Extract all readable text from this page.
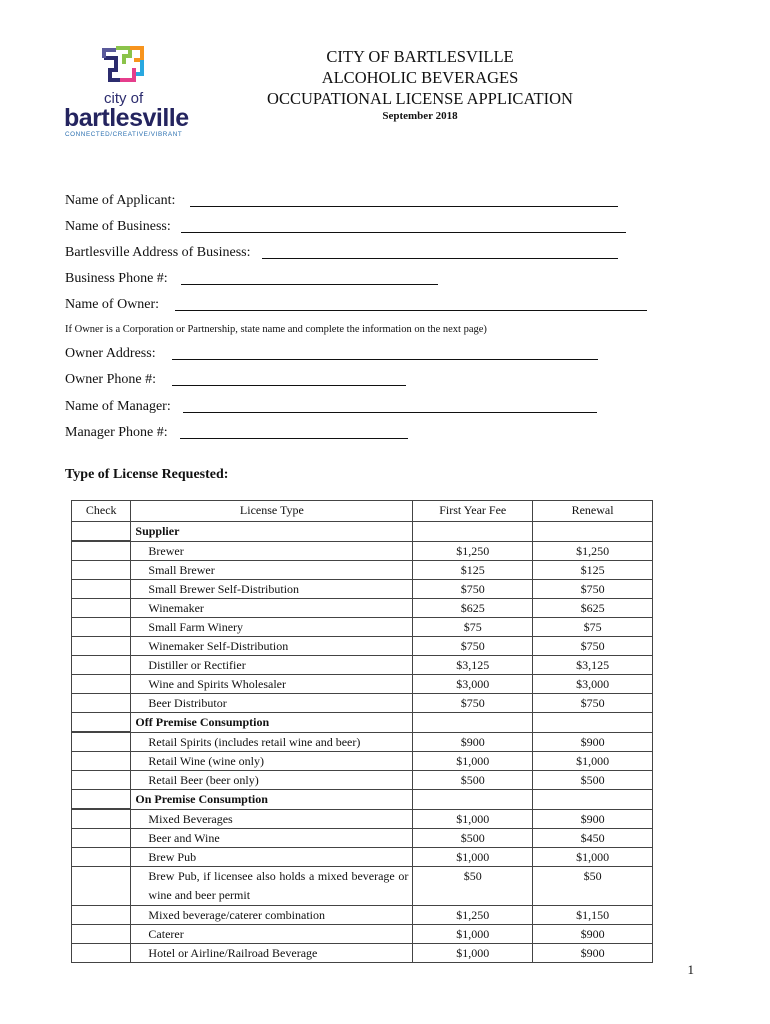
city of
bartlesville
CONNECTED/CREATIVE/VIBRANT
CITY OF BARTLESVILLE
ALCOHOLIC BEVERAGES
OCCUPATIONAL LICENSE APPLICATION
September 2018
Name of Applicant:
Name of Business:
Bartlesville Address of Business:
Business Phone #:
Name of Owner:
If Owner is a Corporation or Partnership, state name and complete the information on the next page)
Owner Address:
Owner Phone #:
Name of Manager:
Manager Phone #:
Type of License Requested:
Check	License Type	First Year Fee	Renewal
	Supplier		

	Brewer	$1,250	$1,250

	Small Brewer	$125	$125

	Small Brewer Self-Distribution	$750	$750

	Winemaker	$625	$625

	Small Farm Winery	$75	$75

	Winemaker Self-Distribution	$750	$750

	Distiller or Rectifier	$3,125	$3,125

	Wine and Spirits Wholesaler	$3,000	$3,000

	Beer Distributor	$750	$750
	Off Premise Consumption		

	Retail Spirits (includes retail wine and beer)	$900	$900

	Retail Wine (wine only)	$1,000	$1,000

	Retail Beer (beer only)	$500	$500
	On Premise Consumption		

	Mixed Beverages	$1,000	$900

	Beer and Wine	$500	$450

	Brew Pub	$1,000	$1,000

	Brew Pub, if licensee also holds a mixed beverage or wine and beer permit	$50	$50

	Mixed beverage/caterer combination	$1,250	$1,150

	Caterer	$1,000	$900

	Hotel or Airline/Railroad Beverage	$1,000	$900
1
